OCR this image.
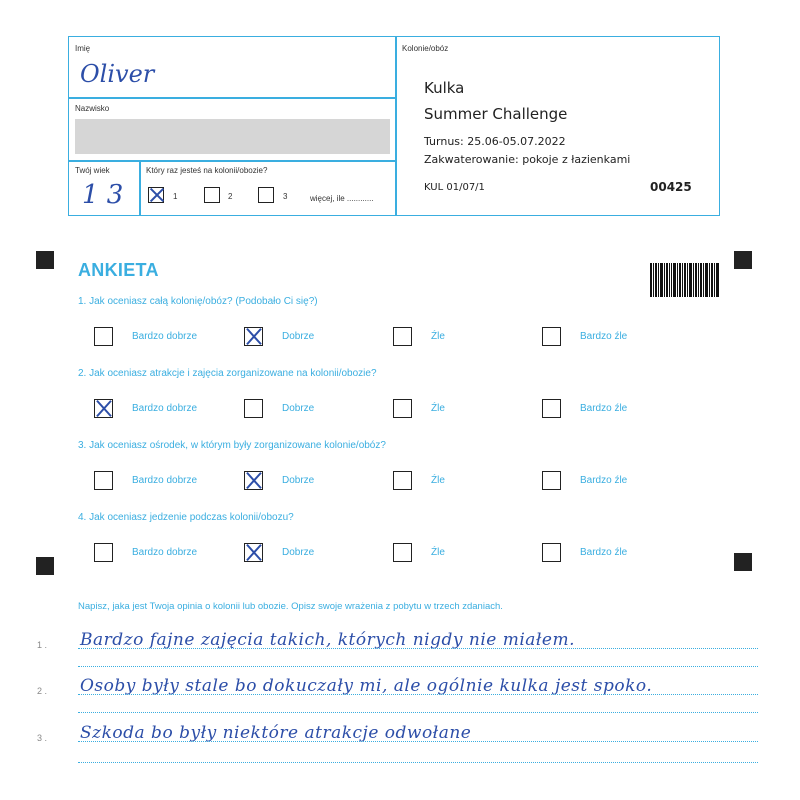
Imię
Oliver
Nazwisko
Twój wiek
1 3
Który raz jesteś na kolonii/obozie?
1	2	3	więcej, ile ............
Kolonie/obóz
Kulka
Summer Challenge
Turnus: 25.06-05.07.2022
Zakwaterowanie: pokoje z łazienkami
KUL 01/07/1	00425
ANKIETA
1. Jak oceniasz całą kolonię/obóz? (Podobało Ci się?)
Bardzo dobrze	Dobrze	Źle	Bardzo źle
2. Jak oceniasz atrakcje i zajęcia zorganizowane na kolonii/obozie?
Bardzo dobrze	Dobrze	Źle	Bardzo źle
3. Jak oceniasz ośrodek, w którym były zorganizowane kolonie/obóz?
Bardzo dobrze	Dobrze	Źle	Bardzo źle
4. Jak oceniasz jedzenie podczas kolonii/obozu?
Bardzo dobrze	Dobrze	Źle	Bardzo źle
Napisz, jaka jest Twoja opinia o kolonii lub obozie. Opisz swoje wrażenia z pobytu w trzech zdaniach.
1 . Bardzo fajne zajęcia takich, których nigdy nie miałem.
2 . Osoby były stale bo dokuczały mi, ale ogólnie kulka jest spoko.
3 . Szkoda bo były niektóre atrakcje odwołane
